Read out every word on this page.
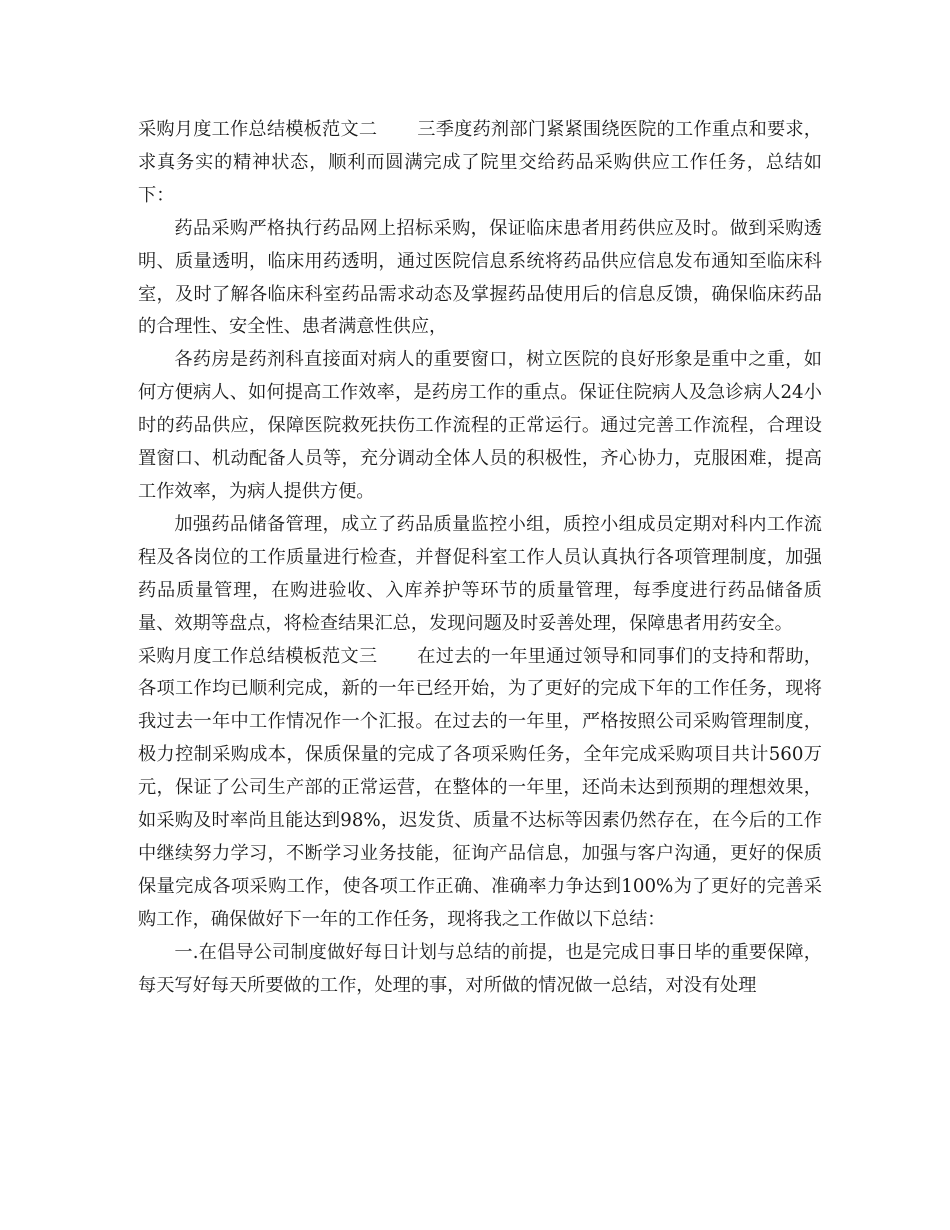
采购月度工作总结模板范文二 三季度药剂部门紧紧围绕医院的工作重点和要求，求真务实的精神状态，顺利而圆满完成了院里交给药品采购供应工作任务，总结如下：

药品采购严格执行药品网上招标采购，保证临床患者用药供应及时。做到采购透明、质量透明，临床用药透明，通过医院信息系统将药品供应信息发布通知至临床科室，及时了解各临床科室药品需求动态及掌握药品使用后的信息反馈，确保临床药品的合理性、安全性、患者满意性供应，

各药房是药剂科直接面对病人的重要窗口，树立医院的良好形象是重中之重，如何方便病人、如何提高工作效率，是药房工作的重点。保证住院病人及急诊病人24小时的药品供应，保障医院救死扶伤工作流程的正常运行。通过完善工作流程，合理设置窗口、机动配备人员等，充分调动全体人员的积极性，齐心协力，克服困难，提高工作效率，为病人提供方便。

加强药品储备管理，成立了药品质量监控小组，质控小组成员定期对科内工作流程及各岗位的工作质量进行检查，并督促科室工作人员认真执行各项管理制度，加强药品质量管理，在购进验收、入库养护等环节的质量管理，每季度进行药品储备质量、效期等盘点，将检查结果汇总，发现问题及时妥善处理，保障患者用药安全。

采购月度工作总结模板范文三 在过去的一年里通过领导和同事们的支持和帮助，各项工作均已顺利完成，新的一年已经开始，为了更好的完成下年的工作任务，现将我过去一年中工作情况作一个汇报。在过去的一年里，严格按照公司采购管理制度，极力控制采购成本，保质保量的完成了各项采购任务，全年完成采购项目共计560万元，保证了公司生产部的正常运营，在整体的一年里，还尚未达到预期的理想效果，如采购及时率尚且能达到98%，迟发货、质量不达标等因素仍然存在，在今后的工作中继续努力学习，不断学习业务技能，征询产品信息，加强与客户沟通，更好的保质保量完成各项采购工作，使各项工作正确、准确率力争达到100%为了更好的完善采购工作，确保做好下一年的工作任务，现将我之工作做以下总结：

一.在倡导公司制度做好每日计划与总结的前提，也是完成日事日毕的重要保障，每天写好每天所要做的工作，处理的事，对所做的情况做一总结，对没有处理
